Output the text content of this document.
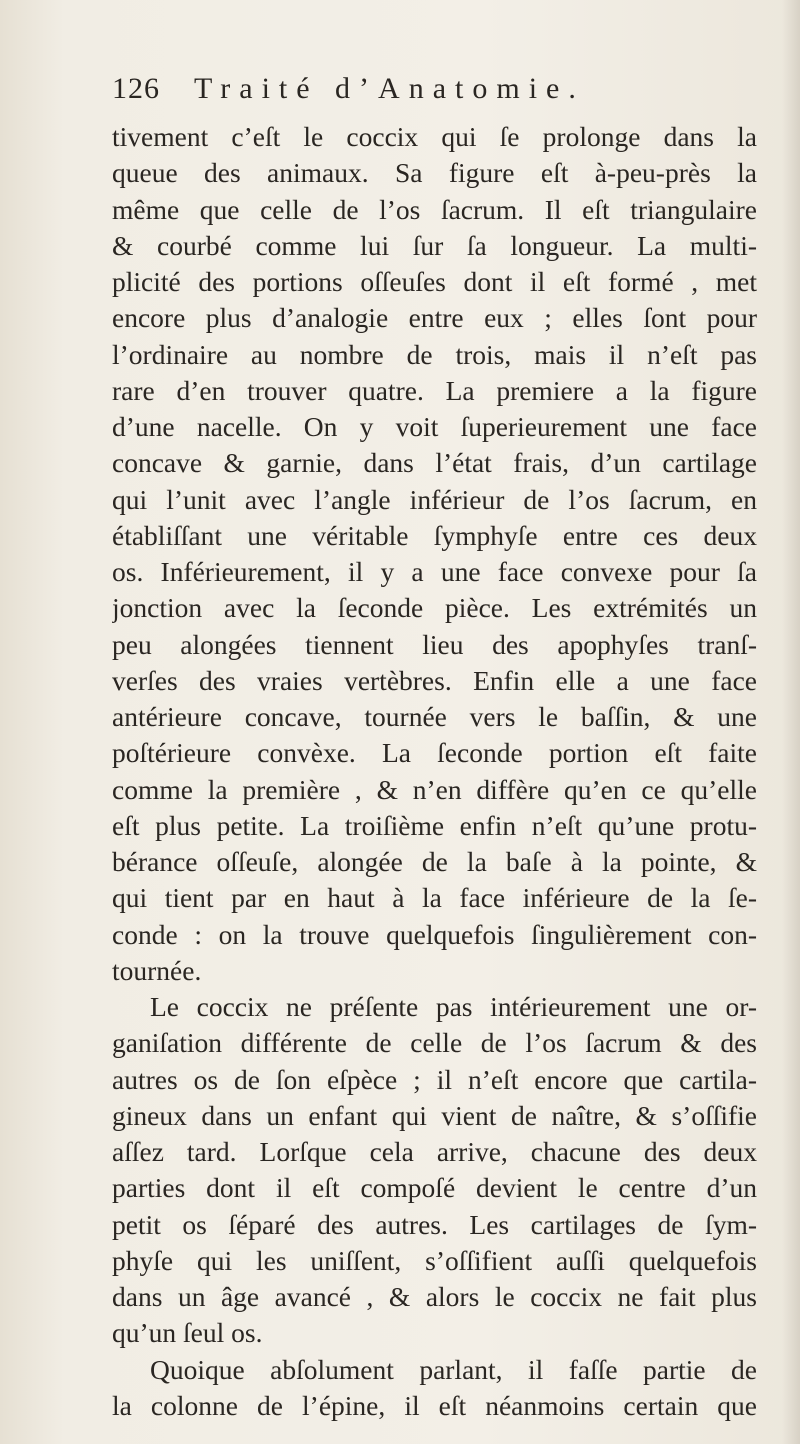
126 Traité d’Anatomie.
tivement c’eſt le coccix qui ſe prolonge dans la
queue des animaux. Sa figure eſt à-peu-près la
même que celle de l’os ſacrum. Il eſt triangulaire
& courbé comme lui ſur ſa longueur. La multi-
plicité des portions oſſeuſes dont il eſt formé , met
encore plus d’analogie entre eux ; elles ſont pour
l’ordinaire au nombre de trois, mais il n’eſt pas
rare d’en trouver quatre. La premiere a la figure
d’une nacelle. On y voit ſuperieurement une face
concave & garnie, dans l’état frais, d’un cartilage
qui l’unit avec l’angle inférieur de l’os ſacrum, en
établiſſant une véritable ſymphyſe entre ces deux
os. Inférieurement, il y a une face convexe pour ſa
jonction avec la ſeconde pièce. Les extrémités un
peu alongées tiennent lieu des apophyſes tranſ-
verſes des vraies vertèbres. Enfin elle a une face
antérieure concave, tournée vers le baſſin, & une
poſtérieure convèxe. La ſeconde portion eſt faite
comme la première , & n’en diffère qu’en ce qu’elle
eſt plus petite. La troiſième enfin n’eſt qu’une protu-
bérance oſſeuſe, alongée de la baſe à la pointe, &
qui tient par en haut à la face inférieure de la ſe-
conde : on la trouve quelquefois ſingulièrement con-
tournée.
Le coccix ne préſente pas intérieurement une or-
ganiſation différente de celle de l’os ſacrum & des
autres os de ſon eſpèce ; il n’eſt encore que cartila-
gineux dans un enfant qui vient de naître, & s’oſſifie
aſſez tard. Lorſque cela arrive, chacune des deux
parties dont il eſt compoſé devient le centre d’un
petit os ſéparé des autres. Les cartilages de ſym-
phyſe qui les uniſſent, s’oſſifient auſſi quelquefois
dans un âge avancé , & alors le coccix ne fait plus
qu’un ſeul os.
Quoique abſolument parlant, il faſſe partie de
la colonne de l’épine, il eſt néanmoins certain que
